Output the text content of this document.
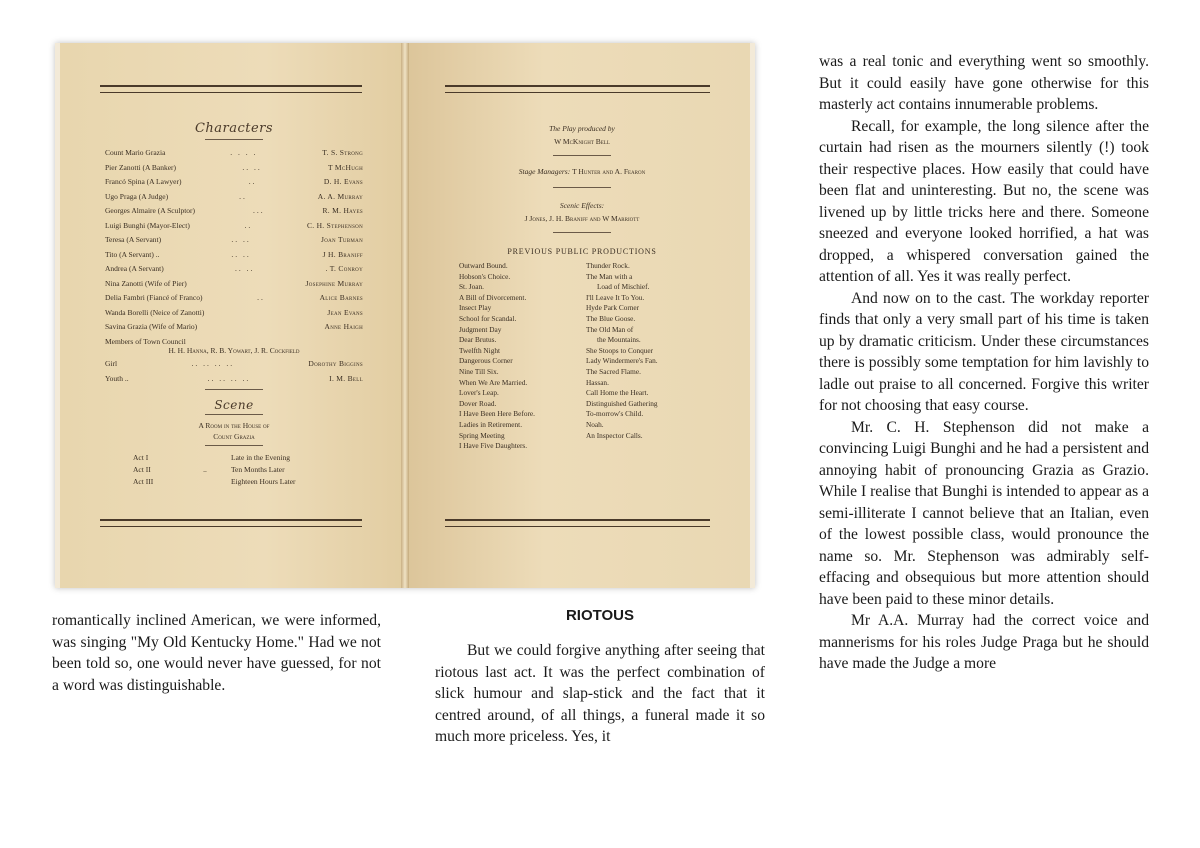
Characters
Count Mario Grazia	. . . .	T. S. Strong
Pier Zanotti (A Banker)	.. ..	T McHugh
Francó Spina (A Lawyer)	..	D. H. Evans
Ugo Praga (A Judge)	..	A. A. Murray
Georges Almaire (A Sculptor)	...	R. M. Hayes
Luigi Bunghi (Mayor-Elect)	..	C. H. Stephenson
Teresa (A Servant)	.. ..	Joan Tubman
Tito (A Servant) ..	.. ..	J H. Braniff
Andrea (A Servant)	.. ..	. T. Conroy
Nina Zanotti (Wife of Pier)	Josephine Murray
Delia Fambri (Fiancé of Franco)	..	Alice Barnes
Wanda Borelli (Neice of Zanotti)	Jean Evans
Savina Grazia (Wife of Mario)	Anne Haigh
Members of Town Council
H. H. Hanna, R. B. Yowart, J. R. Cockfield
Girl	.. .. .. ..	Dorothy Biggins
Youth ..	.. .. .. ..	I. M. Bell
Scene
A Room in the House of
Count Grazia
Act I	Late in the Evening
Act II	..	Ten Months Later
Act III	Eighteen Hours Later
The Play produced by
W McKnight Bell
Stage Managers: T Hunter and A. Fearon
Scenic Effects:
J Jones, J. H. Braniff and W Marriott
PREVIOUS PUBLIC PRODUCTIONS
Outward Bound.
Hobson's Choice.
St. Joan.
A Bill of Divorcement.
Insect Play
School for Scandal.
Judgment Day
Dear Brutus.
Twelfth Night
Dangerous Corner
Nine Till Six.
When We Are Married.
Lover's Leap.
Dover Road.
I Have Been Here Before.
Ladies in Retirement.
Spring Meeting
I Have Five Daughters.
Thunder Rock.
The Man with a
Load of Mischief.
I'll Leave It To You.
Hyde Park Corner
The Blue Goose.
The Old Man of
the Mountains.
She Stoops to Conquer
Lady Windermere's Fan.
The Sacred Flame.
Hassan.
Call Home the Heart.
Distinguished Gathering
To-morrow's Child.
Noah.
An Inspector Calls.

romantically inclined American, we were informed, was singing "My Old Kentucky Home." Had we not been told so, one would never have guessed, for not a word was distinguishable.

RIOTOUS

But we could forgive anything after seeing that riotous last act. It was the perfect combination of slick humour and slap-stick and the fact that it centred around, of all things, a funeral made it so much more priceless. Yes, it

was a real tonic and everything went so smoothly. But it could easily have gone otherwise for this masterly act contains innumerable problems.

Recall, for example, the long silence after the curtain had risen as the mourners silently (!) took their respective places. How easily that could have been flat and uninteresting. But no, the scene was livened up by little tricks here and there. Someone sneezed and everyone looked horrified, a hat was dropped, a whispered conversation gained the attention of all. Yes it was really perfect.

And now on to the cast. The workday reporter finds that only a very small part of his time is taken up by dramatic criticism. Under these circumstances there is possibly some temptation for him lavishly to ladle out praise to all concerned. Forgive this writer for not choosing that easy course.

Mr. C. H. Stephenson did not make a convincing Luigi Bunghi and he had a persistent and annoying habit of pronouncing Grazia as Grazio. While I realise that Bunghi is intended to appear as a semi-illiterate I cannot believe that an Italian, even of the lowest possible class, would pronounce the name so. Mr. Stephenson was admirably self-effacing and obsequious but more attention should have been paid to these minor details.

Mr A.A. Murray had the correct voice and mannerisms for his roles Judge Praga but he should have made the Judge a more
